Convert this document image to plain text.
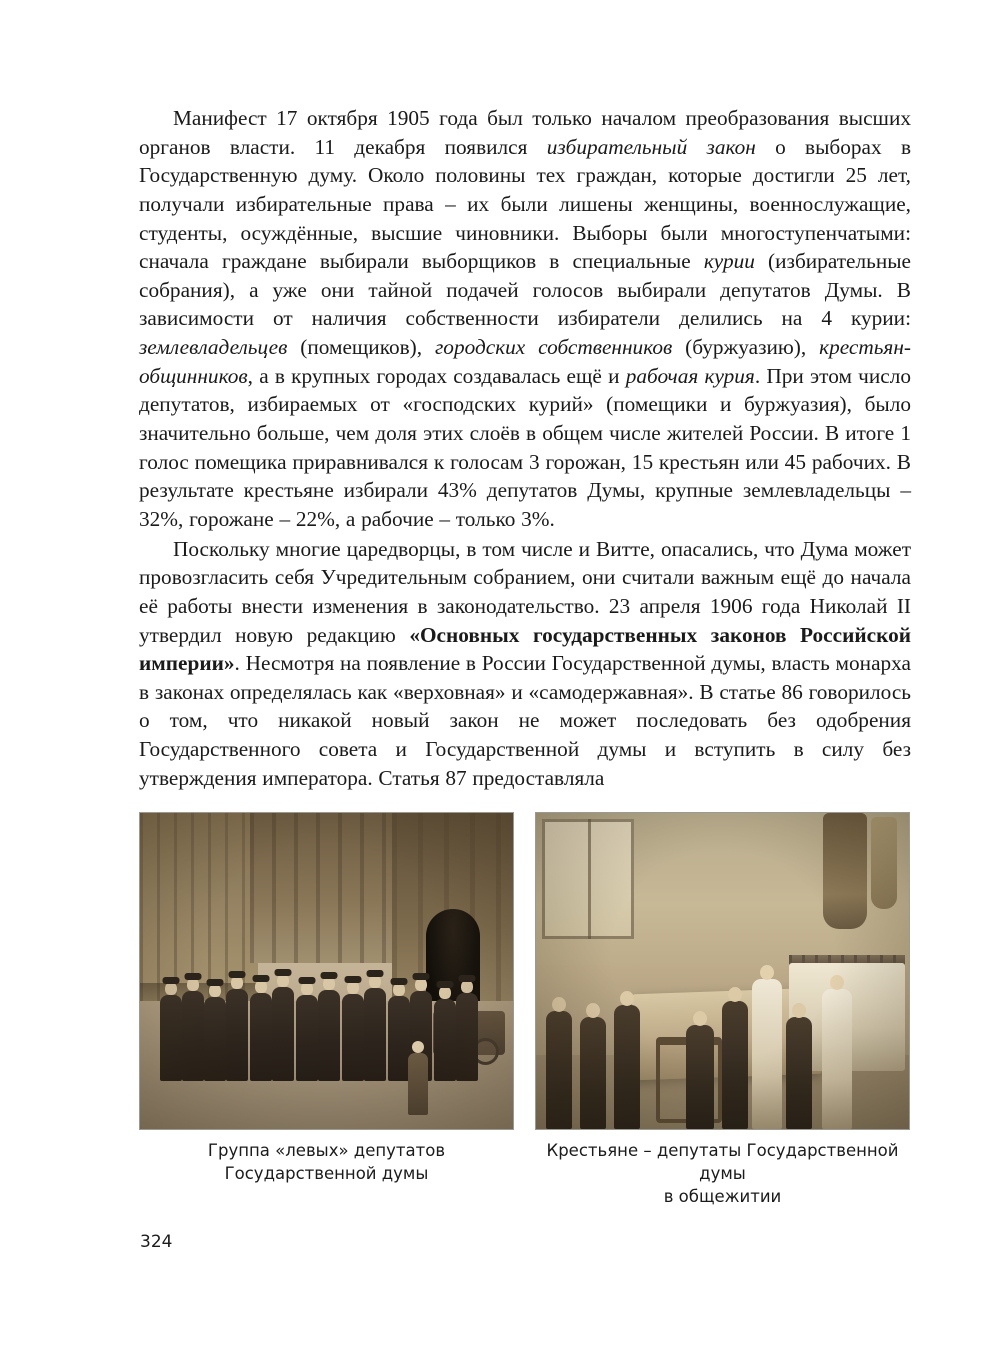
Манифест 17 октября 1905 года был только началом преобразования высших органов власти. 11 декабря появился избирательный закон о выборах в Государственную думу. Около половины тех граждан, которые достигли 25 лет, получали избирательные права – их были лишены женщины, военнослужащие, студенты, осуждённые, высшие чиновники. Выборы были многоступенчатыми: сначала граждане выбирали выборщиков в специальные курии (избирательные собрания), а уже они тайной подачей голосов выбирали депутатов Думы. В зависимости от наличия собственности избиратели делились на 4 курии: землевладельцев (помещиков), городских собственников (буржуазию), крестьян-общинников, а в крупных городах создавалась ещё и рабочая курия. При этом число депутатов, избираемых от «господских курий» (помещики и буржуазия), было значительно больше, чем доля этих слоёв в общем числе жителей России. В итоге 1 голос помещика приравнивался к голосам 3 горожан, 15 крестьян или 45 рабочих. В результате крестьяне избирали 43% депутатов Думы, крупные землевладельцы – 32%, горожане – 22%, а рабочие – только 3%.

Поскольку многие царедворцы, в том числе и Витте, опасались, что Дума может провозгласить себя Учредительным собранием, они считали важным ещё до начала её работы внести изменения в законодательство. 23 апреля 1906 года Николай II утвердил новую редакцию «Основных государственных законов Российской империи». Несмотря на появление в России Государственной думы, власть монарха в законах определялась как «верховная» и «самодержавная». В статье 86 говорилось о том, что никакой новый закон не может последовать без одобрения Государственного совета и Государственной думы и вступить в силу без утверждения императора. Статья 87 предоставляла

Группа «левых» депутатов
Государственной думы
Крестьяне – депутаты Государственной думы
в общежитии
324
